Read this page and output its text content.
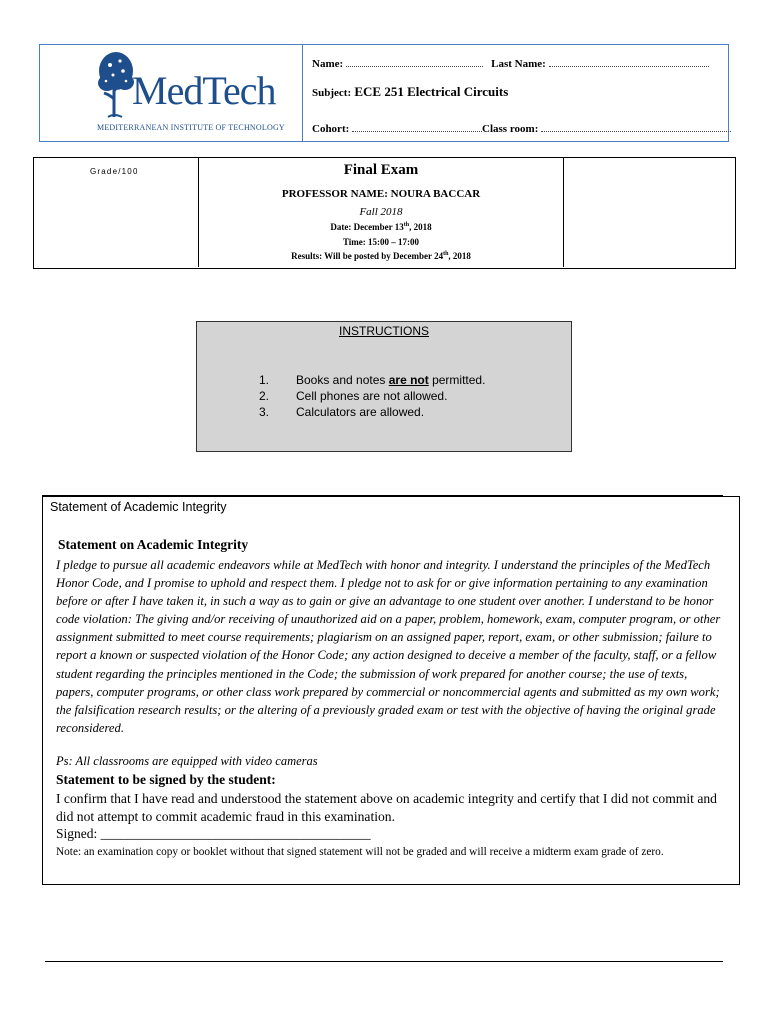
MedTech
MEDITERRANEAN INSTITUTE OF TECHNOLOGY
Name:	Last Name:
Subject: ECE 251 Electrical Circuits
Cohort:	Class room:
Grade/100	Final Exam
PROFESSOR NAME: NOURA BACCAR
Fall 2018
Date: December 13th, 2018
Time: 15:00 – 17:00
Results: Will be posted by December 24th, 2018
INSTRUCTIONS
1. Books and notes are not permitted.
2. Cell phones are not allowed.
3. Calculators are allowed.
Statement of Academic Integrity
Statement on Academic Integrity
I pledge to pursue all academic endeavors while at MedTech with honor and integrity. I understand the principles of the MedTech Honor Code, and I promise to uphold and respect them. I pledge not to ask for or give information pertaining to any examination before or after I have taken it, in such a way as to gain or give an advantage to one student over another. I understand to be honor code violation: The giving and/or receiving of unauthorized aid on a paper, problem, homework, exam, computer program, or other assignment submitted to meet course requirements; plagiarism on an assigned paper, report, exam, or other submission; failure to report a known or suspected violation of the Honor Code; any action designed to deceive a member of the faculty, staff, or a fellow student regarding the principles mentioned in the Code; the submission of work prepared for another course; the use of texts, papers, computer programs, or other class work prepared by commercial or noncommercial agents and submitted as my own work; the falsification research results; or the altering of a previously graded exam or test with the objective of having the original grade reconsidered.
Ps: All classrooms are equipped with video cameras
Statement to be signed by the student:
I confirm that I have read and understood the statement above on academic integrity and certify that I did not commit and did not attempt to commit academic fraud in this examination.
Signed: ________________________________________
Note: an examination copy or booklet without that signed statement will not be graded and will receive a midterm exam grade of zero.
